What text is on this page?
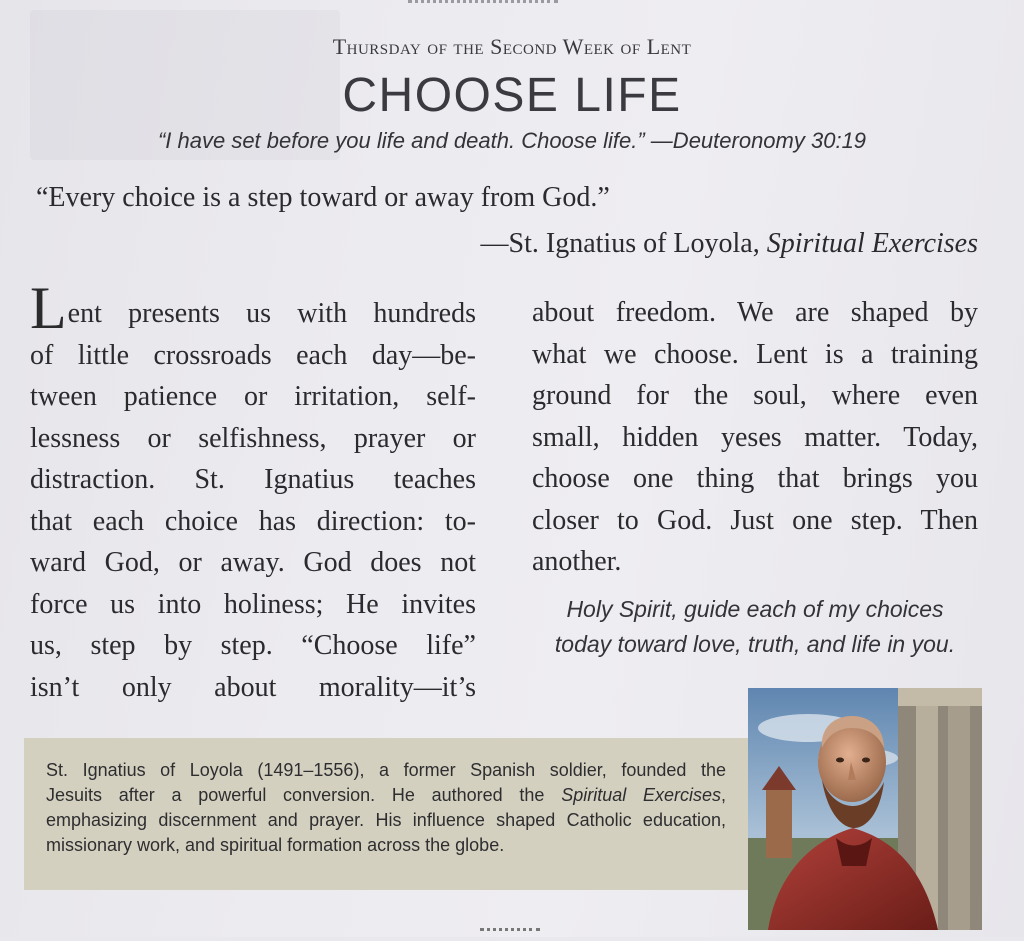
Thursday of the Second Week of Lent
CHOOSE LIFE
“I have set before you life and death. Choose life.” —Deuteronomy 30:19
“Every choice is a step toward or away from God.”
—St. Ignatius of Loyola, Spiritual Exercises
Lent presents us with hundreds
of little crossroads each day—be-
tween patience or irritation, self-
lessness or selfishness, prayer or
distraction. St. Ignatius teaches
that each choice has direction: to-
ward God, or away. God does not
force us into holiness; He invites
us, step by step. “Choose life”
isn’t only about morality—it’s
about freedom. We are shaped by
what we choose. Lent is a training
ground for the soul, where even
small, hidden yeses matter. Today,
choose one thing that brings you
closer to God. Just one step. Then
another.
Holy Spirit, guide each of my choices
today toward love, truth, and life in you.
St. Ignatius of Loyola (1491–1556), a former Spanish soldier, founded the
Jesuits after a powerful conversion. He authored the Spiritual Exercises,
emphasizing discernment and prayer. His influence shaped Catholic education,
missionary work, and spiritual formation across the globe.
